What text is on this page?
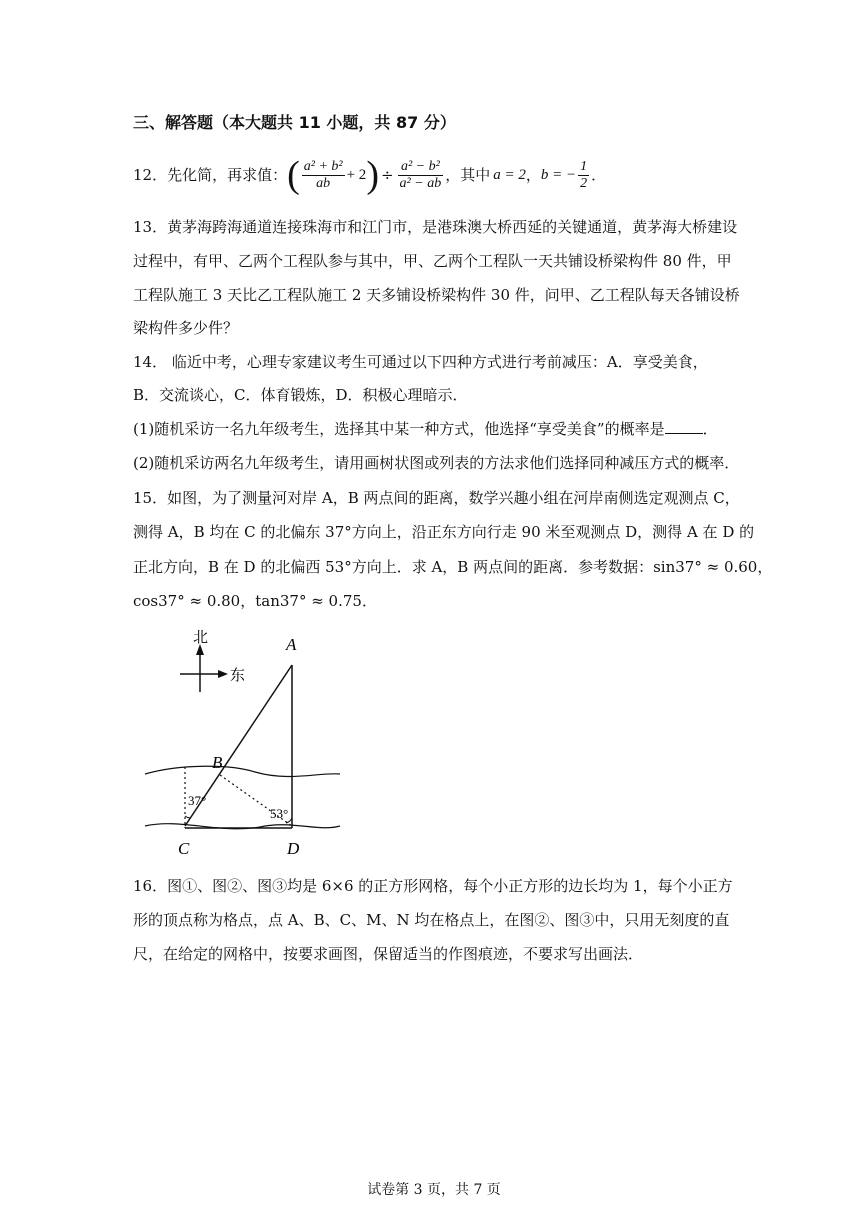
三、解答题（本大题共 11 小题，共 87 分）
12．先化简，再求值： ( $\frac{\text{a² + b²}}{ab} + 2$ ) ÷ $\frac{\text{a² − b²}}{\text{a² − ab}}$ ，其中 a = 2 ， b = − $\frac{1}{2}$ ．
13．黄茅海跨海通道连接珠海市和江门市，是港珠澳大桥西延的关键通道，黄茅海大桥建设
过程中，有甲、乙两个工程队参与其中，甲、乙两个工程队一天共铺设桥梁构件 80 件，甲
工程队施工 3 天比乙工程队施工 2 天多铺设桥梁构件 30 件，问甲、乙工程队每天各铺设桥
梁构件多少件？
14． 临近中考，心理专家建议考生可通过以下四种方式进行考前减压：A．享受美食，
B．交流谈心，C．体育锻炼，D．积极心理暗示．
(1)随机采访一名九年级考生，选择其中某一种方式，他选择“享受美食”的概率是	．
(2)随机采访两名九年级考生，请用画树状图或列表的方法求他们选择同种减压方式的概率．
15．如图，为了测量河对岸 A，B 两点间的距离，数学兴趣小组在河岸南侧选定观测点 C，
测得 A，B 均在 C 的北偏东 37°方向上，沿正东方向行走 90 米至观测点 D，测得 A 在 D 的
正北方向，B 在 D 的北偏西 53°方向上．求 A，B 两点间的距离．参考数据：sin37° ≈ 0.60，
cos37° ≈ 0.80，tan37° ≈ 0.75．
北
东
A
B
C	D
37°
53°
16．图①、图②、图③均是 6×6 的正方形网格，每个小正方形的边长均为 1，每个小正方
形的顶点称为格点，点 A、B、C、M、N 均在格点上，在图②、图③中，只用无刻度的直
尺，在给定的网格中，按要求画图，保留适当的作图痕迹，不要求写出画法．
试卷第 3 页，共 7 页
